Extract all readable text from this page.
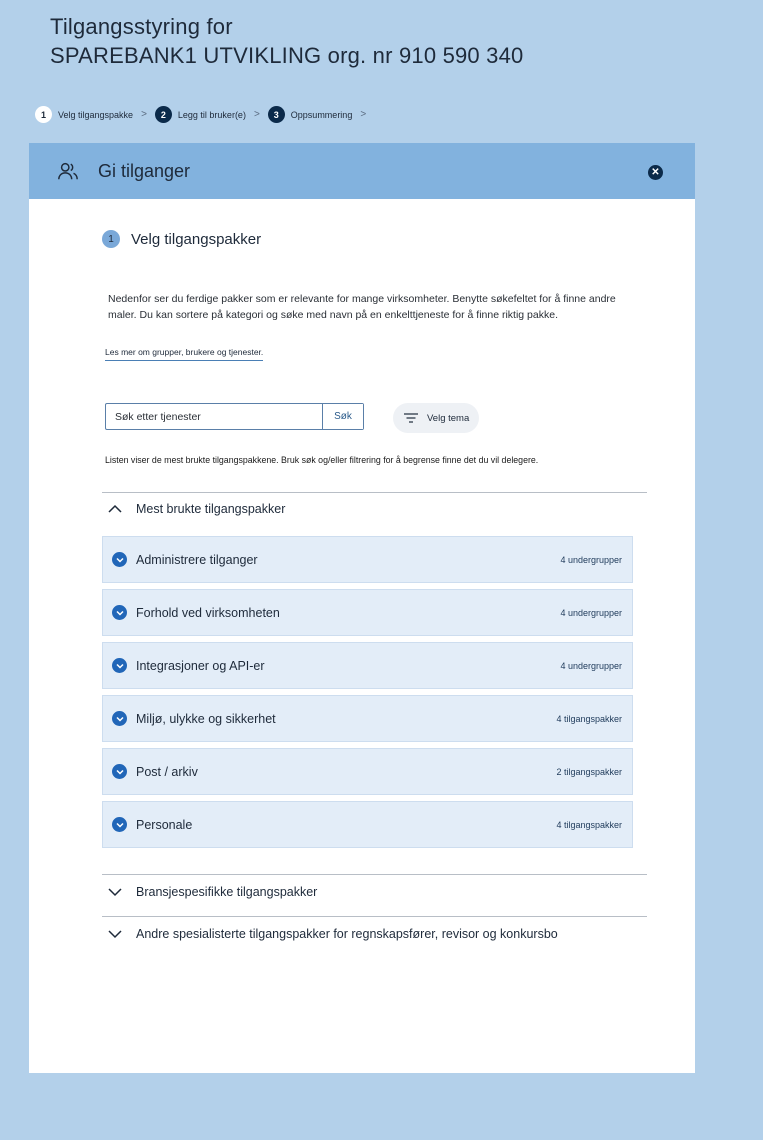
Tilgangsstyring for
SPAREBANK1 UTVIKLING org. nr 910 590 340
1	Velg tilgangspakke >	2	Legg til bruker(e) >	3	Oppsummering >
Gi tilganger	✕
1	Velg tilgangspakker

Nedenfor ser du ferdige pakker som er relevante for mange virksomheter. Benytte søkefeltet for å finne andre maler. Du kan sortere på kategori og søke med navn på en enkelttjeneste for å finne riktig pakke.

Les mer om grupper, brukere og tjenester.
Søk etter tjenester
Søk	Velg tema

Listen viser de mest brukte tilgangspakkene. Bruk søk og/eller filtrering for å begrense finne det du vil delegere.

Mest brukte tilgangspakker
Administrere tilganger	4 undergrupper
Forhold ved virksomheten	4 undergrupper
Integrasjoner og API-er	4 undergrupper
Miljø, ulykke og sikkerhet	4 tilgangspakker
Post / arkiv	2 tilgangspakker
Personale	4 tilgangspakker
Bransjespesifikke tilgangspakker
Andre spesialisterte tilgangspakker for regnskapsfører, revisor og konkursbo
